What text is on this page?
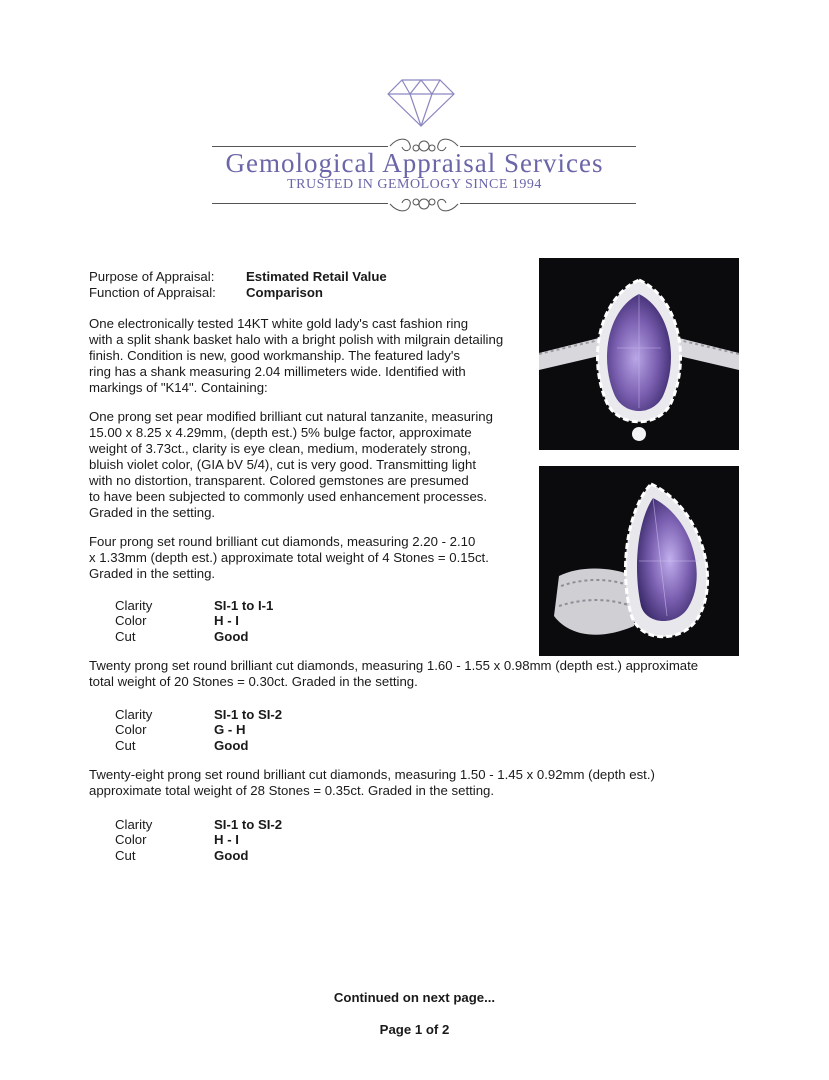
Gemological Appraisal Services
TRUSTED IN GEMOLOGY SINCE 1994
Purpose of Appraisal: Estimated Retail Value
Function of Appraisal: Comparison
One electronically tested 14KT white gold lady's cast fashion ring
with a split shank basket halo with a bright polish with milgrain detailing
finish. Condition is new, good workmanship. The featured lady's
ring has a shank measuring 2.04 millimeters wide. Identified with
markings of "K14". Containing:
One prong set pear modified brilliant cut natural tanzanite, measuring
15.00 x 8.25 x 4.29mm, (depth est.) 5% bulge factor, approximate
weight of 3.73ct., clarity is eye clean, medium, moderately strong,
bluish violet color, (GIA bV 5/4), cut is very good. Transmitting light
with no distortion, transparent. Colored gemstones are presumed
to have been subjected to commonly used enhancement processes.
Graded in the setting.
Four prong set round brilliant cut diamonds, measuring 2.20 - 2.10
x 1.33mm (depth est.) approximate total weight of 4 Stones = 0.15ct.
Graded in the setting.
Clarity	SI-1 to I-1
Color	H - I
Cut	Good
Twenty prong set round brilliant cut diamonds, measuring 1.60 - 1.55 x 0.98mm (depth est.) approximate
total weight of 20 Stones = 0.30ct. Graded in the setting.
Clarity	SI-1 to SI-2
Color	G - H
Cut	Good
Twenty-eight prong set round brilliant cut diamonds, measuring 1.50 - 1.45 x 0.92mm (depth est.)
approximate total weight of 28 Stones = 0.35ct. Graded in the setting.
Clarity	SI-1 to SI-2
Color	H - I
Cut	Good
Continued on next page...
Page 1 of 2
